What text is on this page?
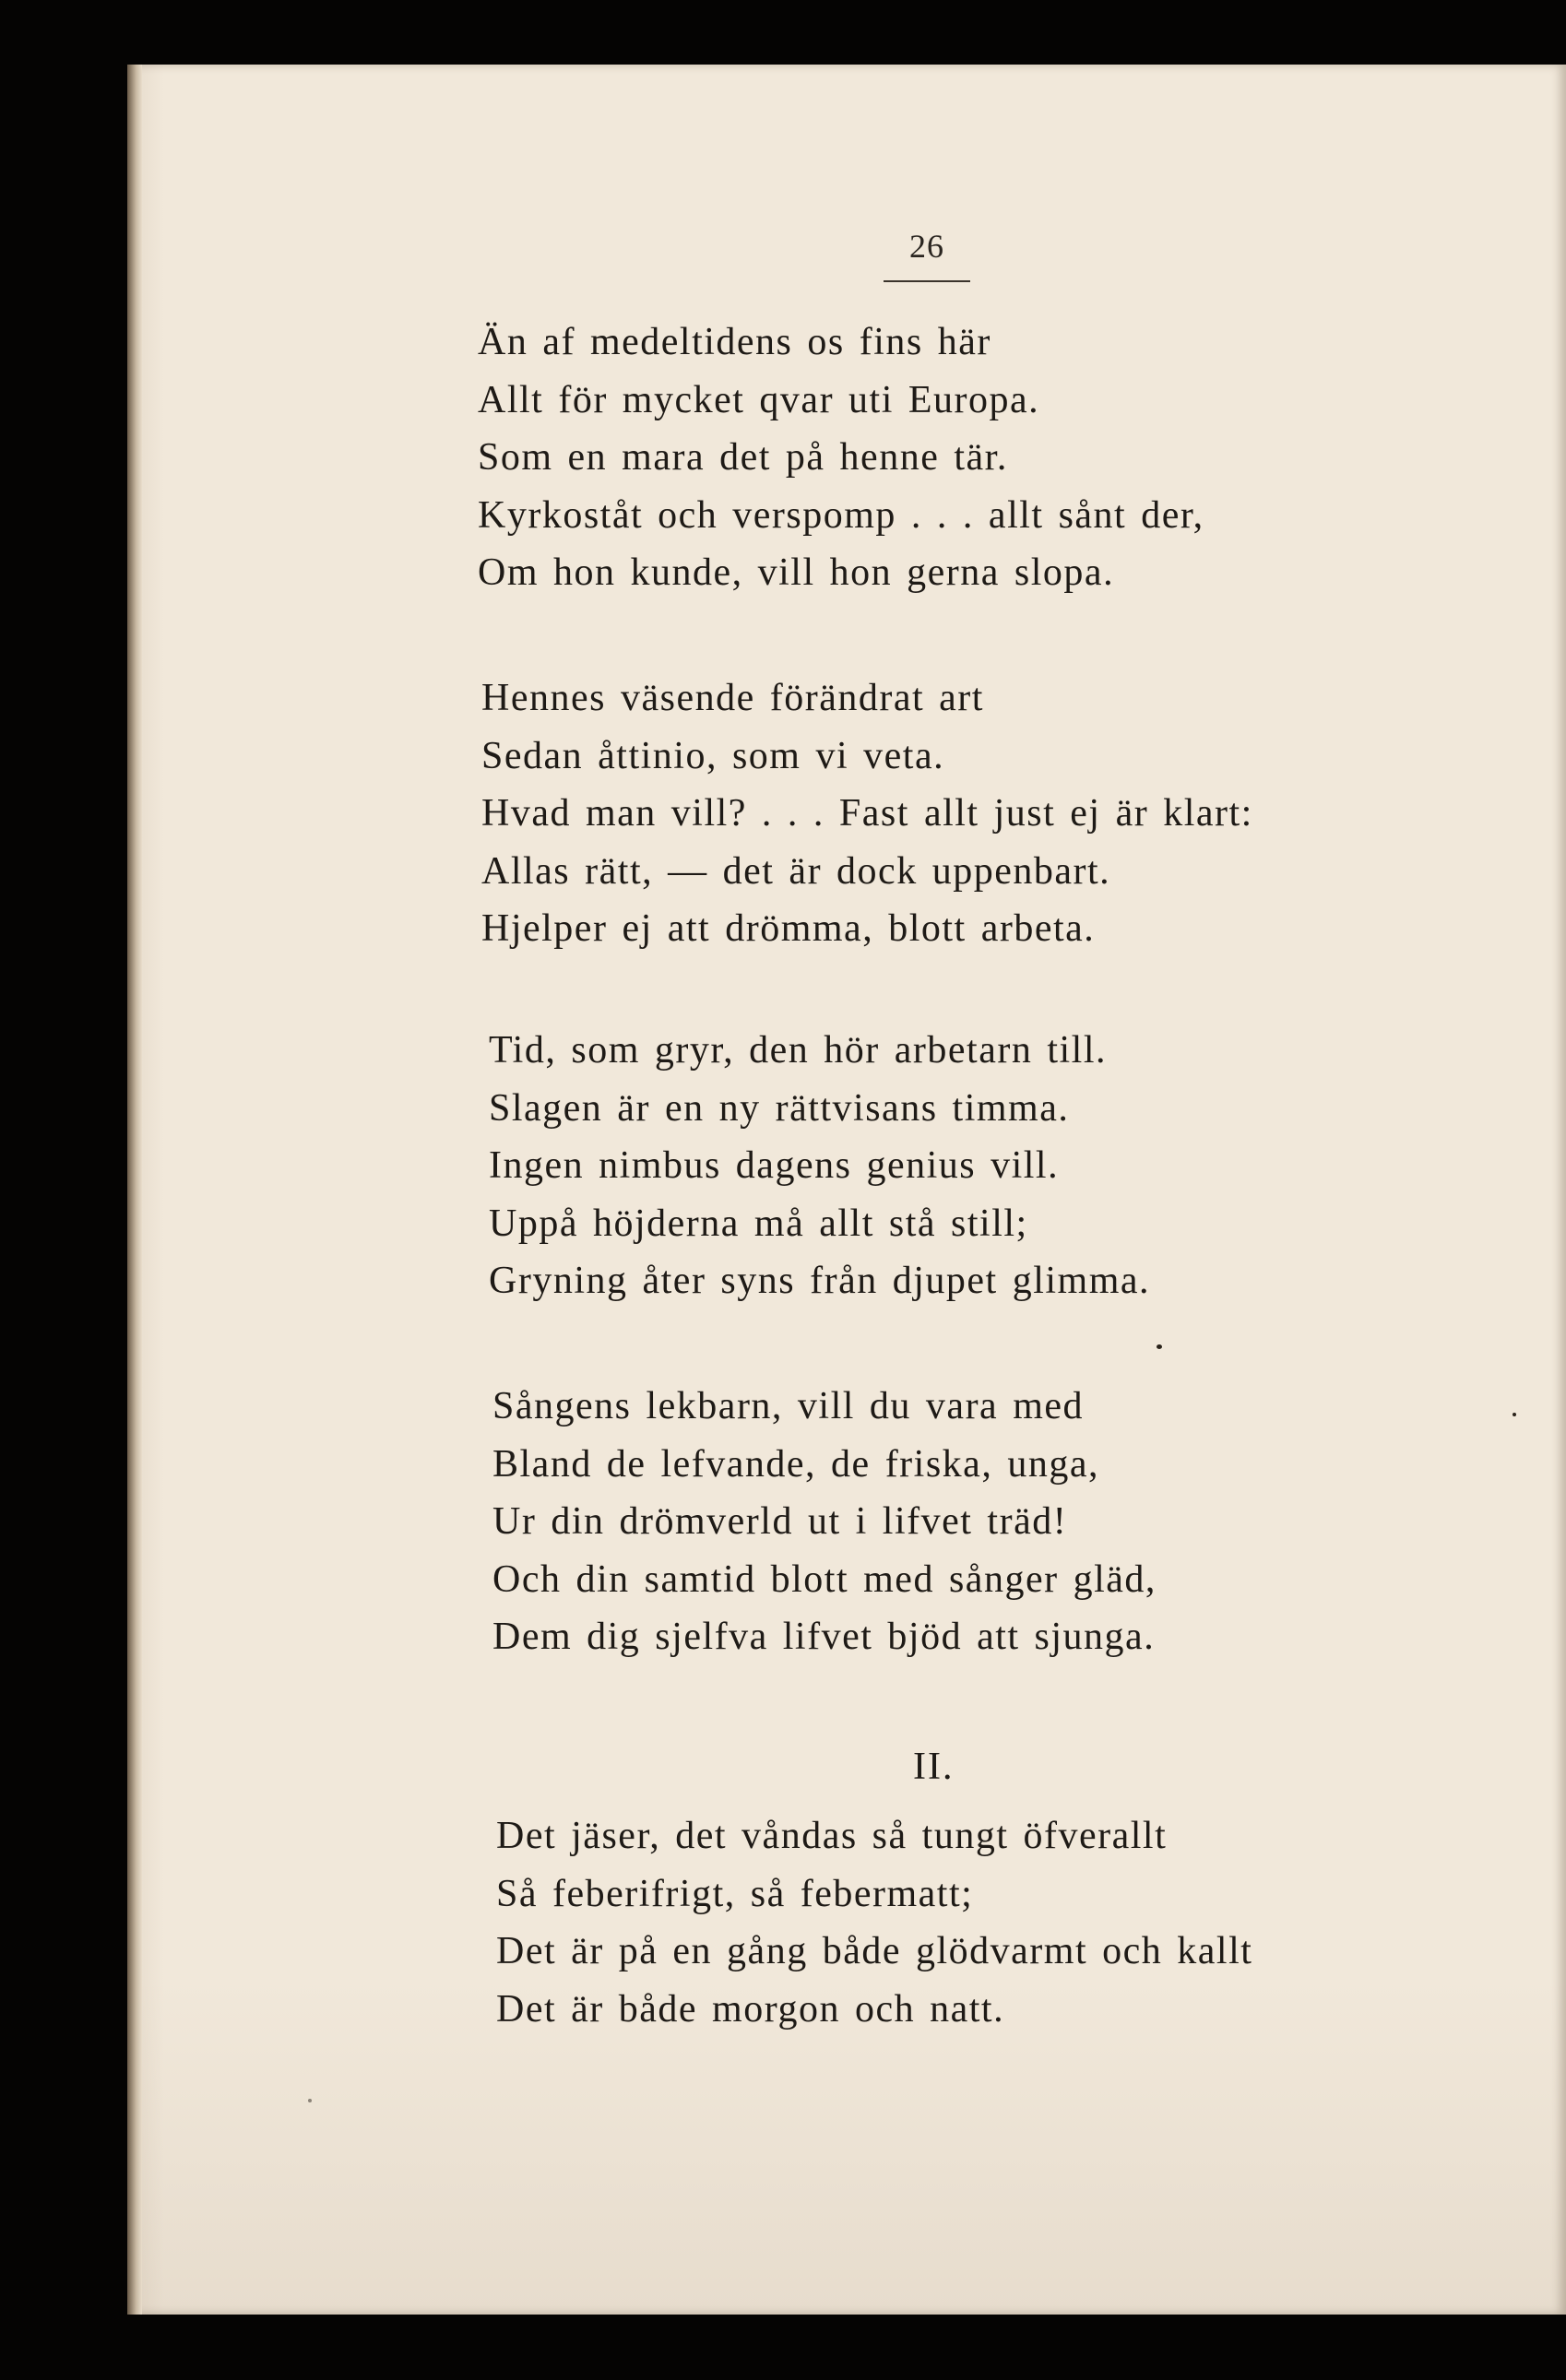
26
Än af medeltidens os fins här
Allt för mycket qvar uti Europa.
Som en mara det på henne tär.
Kyrkoståt och verspomp . . . allt sånt der,
Om hon kunde, vill hon gerna slopa.
Hennes väsende förändrat art
Sedan åttinio, som vi veta.
Hvad man vill? . . . Fast allt just ej är klart:
Allas rätt, — det är dock uppenbart.
Hjelper ej att drömma, blott arbeta.
Tid, som gryr, den hör arbetarn till.
Slagen är en ny rättvisans timma.
Ingen nimbus dagens genius vill.
Uppå höjderna må allt stå still;
Gryning åter syns från djupet glimma.
Sångens lekbarn, vill du vara med
Bland de lefvande, de friska, unga,
Ur din drömverld ut i lifvet träd!
Och din samtid blott med sånger gläd,
Dem dig sjelfva lifvet bjöd att sjunga.
II.
Det jäser, det våndas så tungt öfverallt
Så feberifrigt, så febermatt;
Det är på en gång både glödvarmt och kallt
Det är både morgon och natt.
